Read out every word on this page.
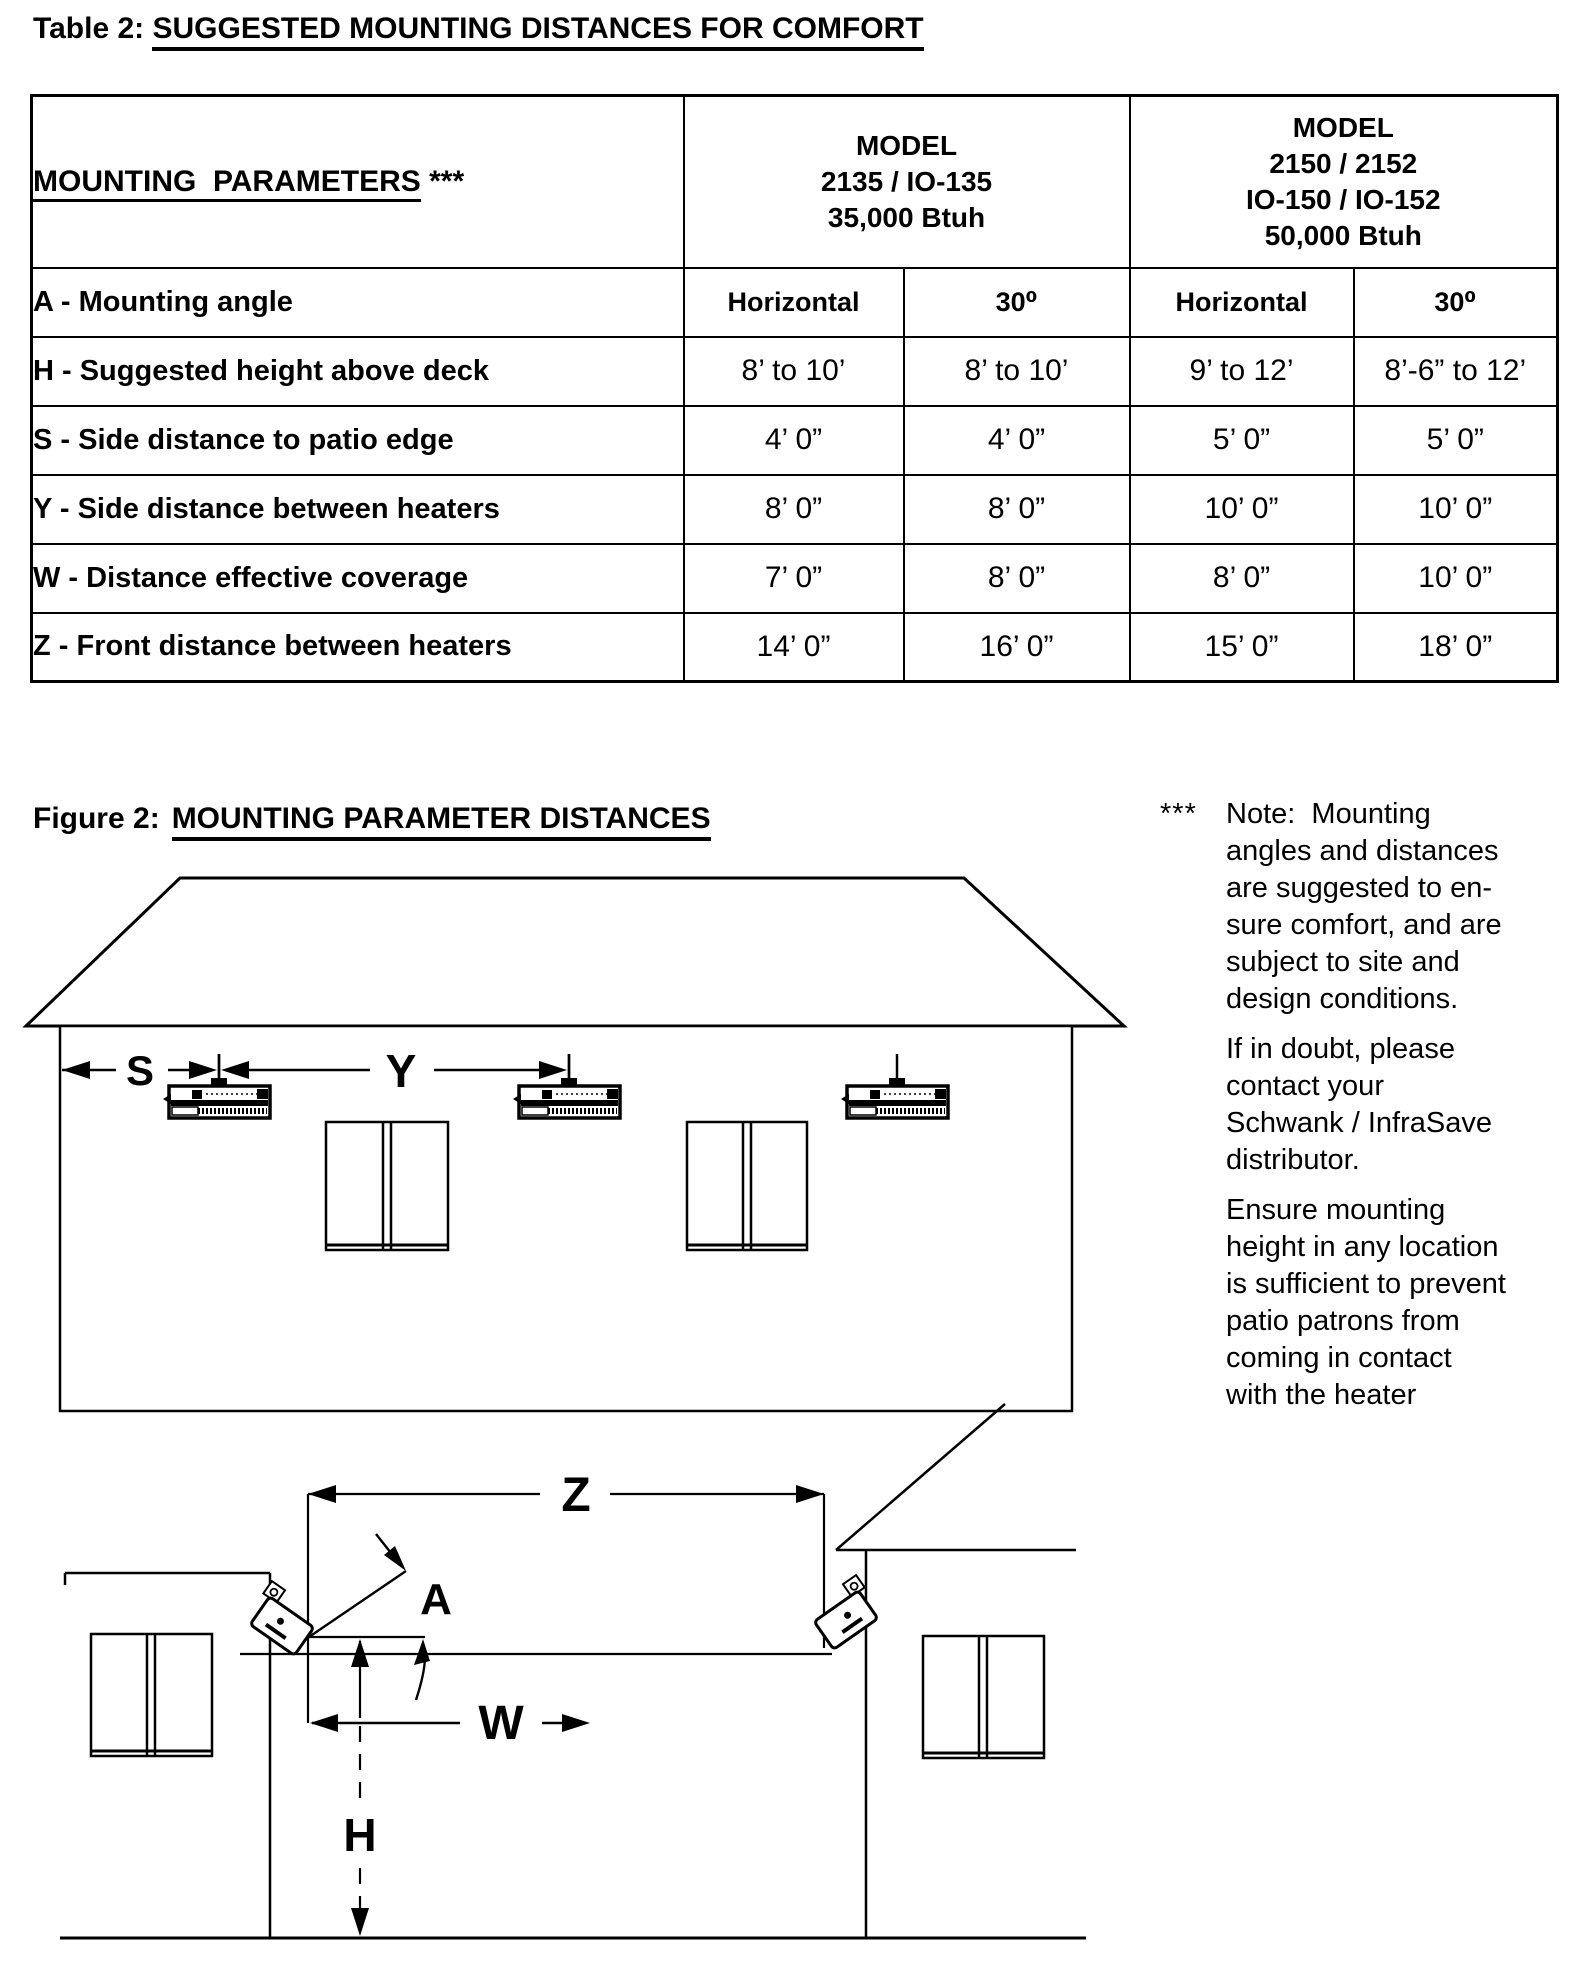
Table 2: SUGGESTED MOUNTING DISTANCES FOR COMFORT
MOUNTING  PARAMETERS ***	
MODEL
2135 / IO-135
35,000 Btuh

MODEL
2150 / 2152
IO-150 / IO-152
50,000 Btuh

A - Mounting angle	Horizontal	30⁰	Horizontal	30⁰
H - Suggested height above deck	8’ to 10’	8’ to 10’	9’ to 12’	8’-6” to 12’
S - Side distance to patio edge	4’ 0”	4’ 0”	5’ 0”	5’ 0”
Y - Side distance between heaters	8’ 0”	8’ 0”	10’ 0”	10’ 0”
W - Distance effective coverage	7’ 0”	8’ 0”	8’ 0”	10’ 0”
Z - Front distance between heaters	14’ 0”	16’ 0”	15’ 0”	18’ 0”
Figure 2: MOUNTING PARAMETER DISTANCES	*** Note:  Mounting
angles and distances
are suggested to en-
sure comfort, and are
subject to site and
design conditions.
If in doubt, please
contact your
Schwank / InfraSave
distributor.
Ensure mounting
height in any location
is sufficient to prevent
patio patrons from
coming in contact
with the heater
S	Y
Z
A
H
W
